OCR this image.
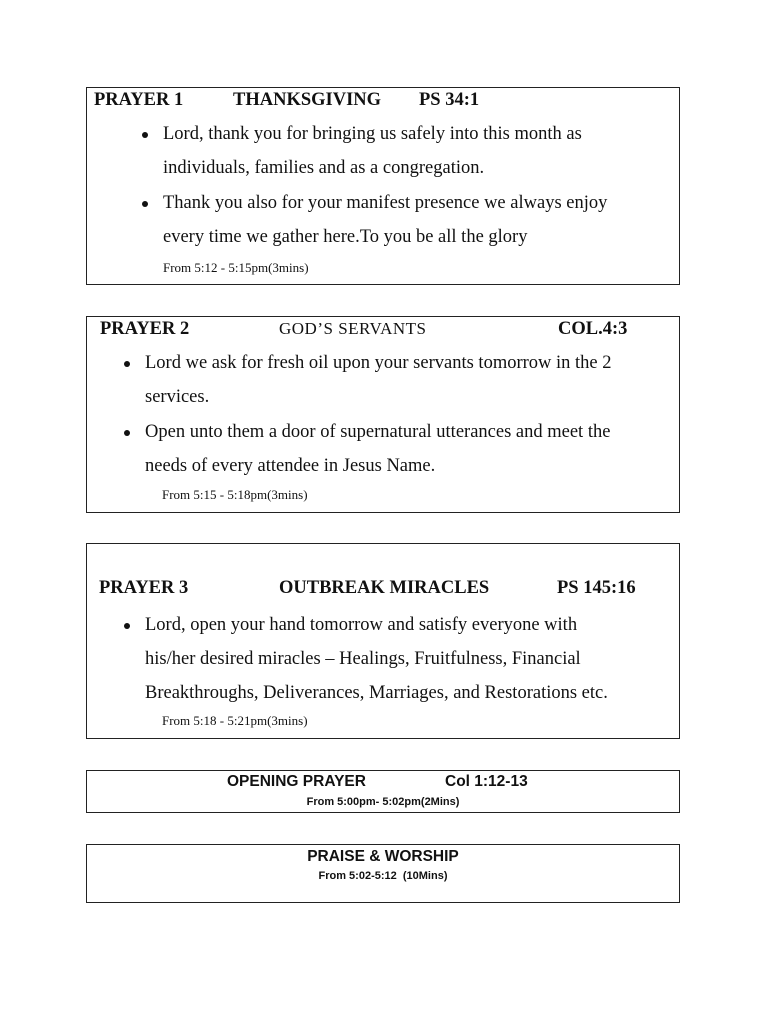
PRAYER 1	THANKSGIVING PS 34:1
Lord, thank you for bringing us safely into this month as
individuals, families and as a congregation.
Thank you also for your manifest presence we always enjoy
every time we gather here.To you be all the glory
From 5:12 - 5:15pm(3mins)
PRAYER 2	GOD’S SERVANTS	COL.4:3
Lord we ask for fresh oil upon your servants tomorrow in the 2
services.
Open unto them a door of supernatural utterances and meet the
needs of every attendee in Jesus Name.
From 5:15 - 5:18pm(3mins)
PRAYER 3	OUTBREAK MIRACLES	PS 145:16
Lord, open your hand tomorrow and satisfy everyone with
his/her desired miracles – Healings, Fruitfulness, Financial
Breakthroughs, Deliverances, Marriages, and Restorations etc.
From 5:18 - 5:21pm(3mins)
OPENING PRAYER	Col 1:12-13
From 5:00pm- 5:02pm(2Mins)
PRAISE & WORSHIP
From 5:02-5:12  (10Mins)
